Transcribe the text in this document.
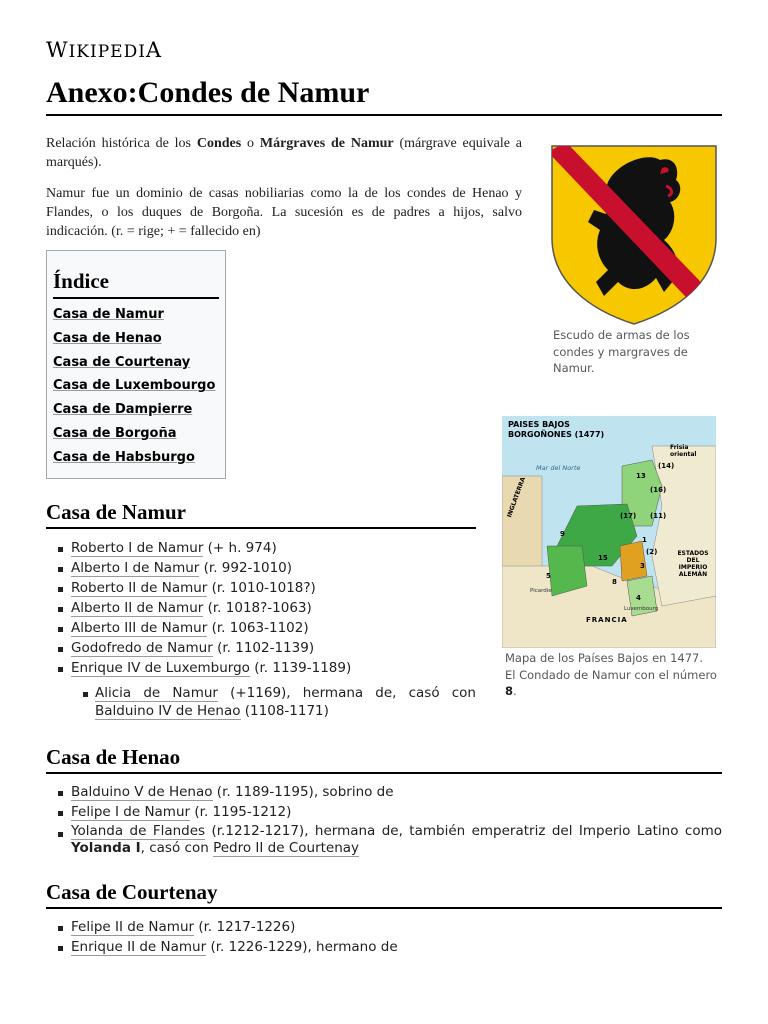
WIKIPEDIA
Anexo:Condes de Namur

Relación histórica de los Condes o Márgraves de Namur (márgrave equivale a marqués).

Namur fue un dominio de casas nobiliarias como la de los condes de Henao y Flandes, o los duques de Borgoña. La sucesión es de padres a hijos, salvo indicación. (r. = rige; + = fallecido en)

Índice
Casa de Namur
Casa de Henao
Casa de Courtenay
Casa de Luxembourgo
Casa de Dampierre
Casa de Borgoña
Casa de Habsburgo
Escudo de armas de los condes y margraves de Namur.
PAISES BAJOS
BORGOÑONES (1477)
Mar del Norte
Frisia oriental
INGLATERRA
FRANCIA
ESTADOS DEL IMPERIO ALEMÁN
Picardie
Luxembourg
13
(14)
(16)
(11)
(17)
1
(2)
9
15
5
3
8
4
Mapa de los Países Bajos en 1477. El Condado de Namur con el número 8.
Casa de Namur
Roberto I de Namur (+ h. 974)
Alberto I de Namur (r. 992-1010)
Roberto II de Namur (r. 1010-1018?)
Alberto II de Namur (r. 1018?-1063)
Alberto III de Namur (r. 1063-1102)
Godofredo de Namur (r. 1102-1139)
Enrique IV de Luxemburgo (r. 1139-1189)
Alicia de Namur (+1169), hermana de, casó con Balduino IV de Henao (1108-1171)
Casa de Henao
Balduino V de Henao (r. 1189-1195), sobrino de
Felipe I de Namur (r. 1195-1212)
Yolanda de Flandes (r.1212-1217), hermana de, también emperatriz del Imperio Latino como Yolanda I, casó con Pedro II de Courtenay
Casa de Courtenay
Felipe II de Namur (r. 1217-1226)
Enrique II de Namur (r. 1226-1229), hermano de
